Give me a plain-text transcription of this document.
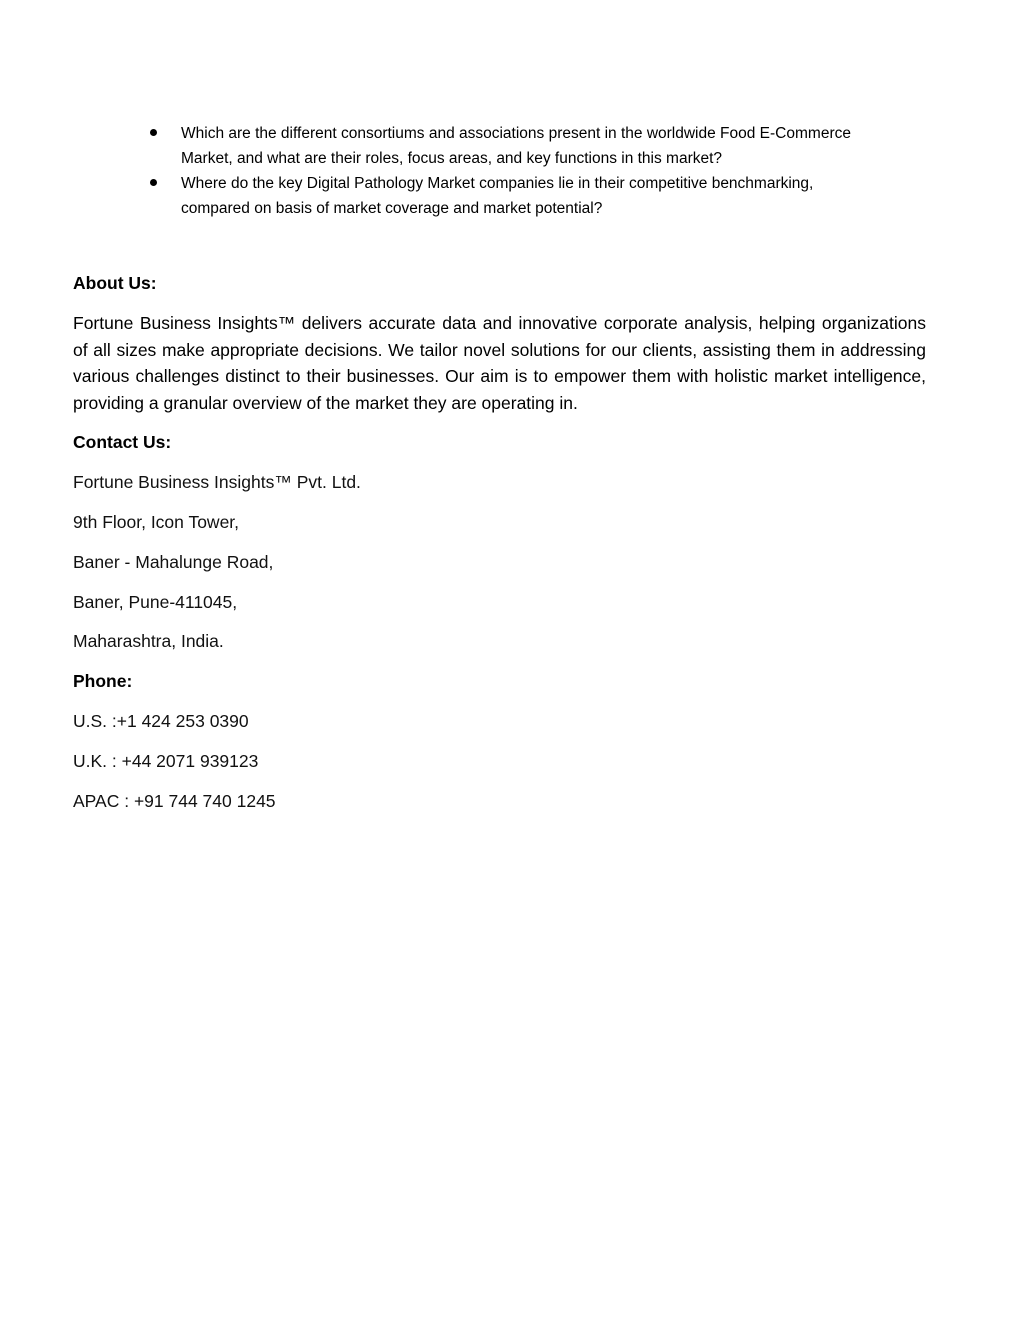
Which are the different consortiums and associations present in the worldwide Food E-Commerce Market, and what are their roles, focus areas, and key functions in this market?
Where do the key Digital Pathology Market companies lie in their competitive benchmarking, compared on basis of market coverage and market potential?
About Us:

Fortune Business Insights™ delivers accurate data and innovative corporate analysis, helping organizations of all sizes make appropriate decisions. We tailor novel solutions for our clients, assisting them in addressing various challenges distinct to their businesses. Our aim is to empower them with holistic market intelligence, providing a granular overview of the market they are operating in.

Contact Us:
Fortune Business Insights™ Pvt. Ltd.
9th Floor, Icon Tower,
Baner - Mahalunge Road,
Baner, Pune-411045,
Maharashtra, India.
Phone:
U.S. :+1 424 253 0390
U.K. : +44 2071 939123
APAC : +91 744 740 1245
